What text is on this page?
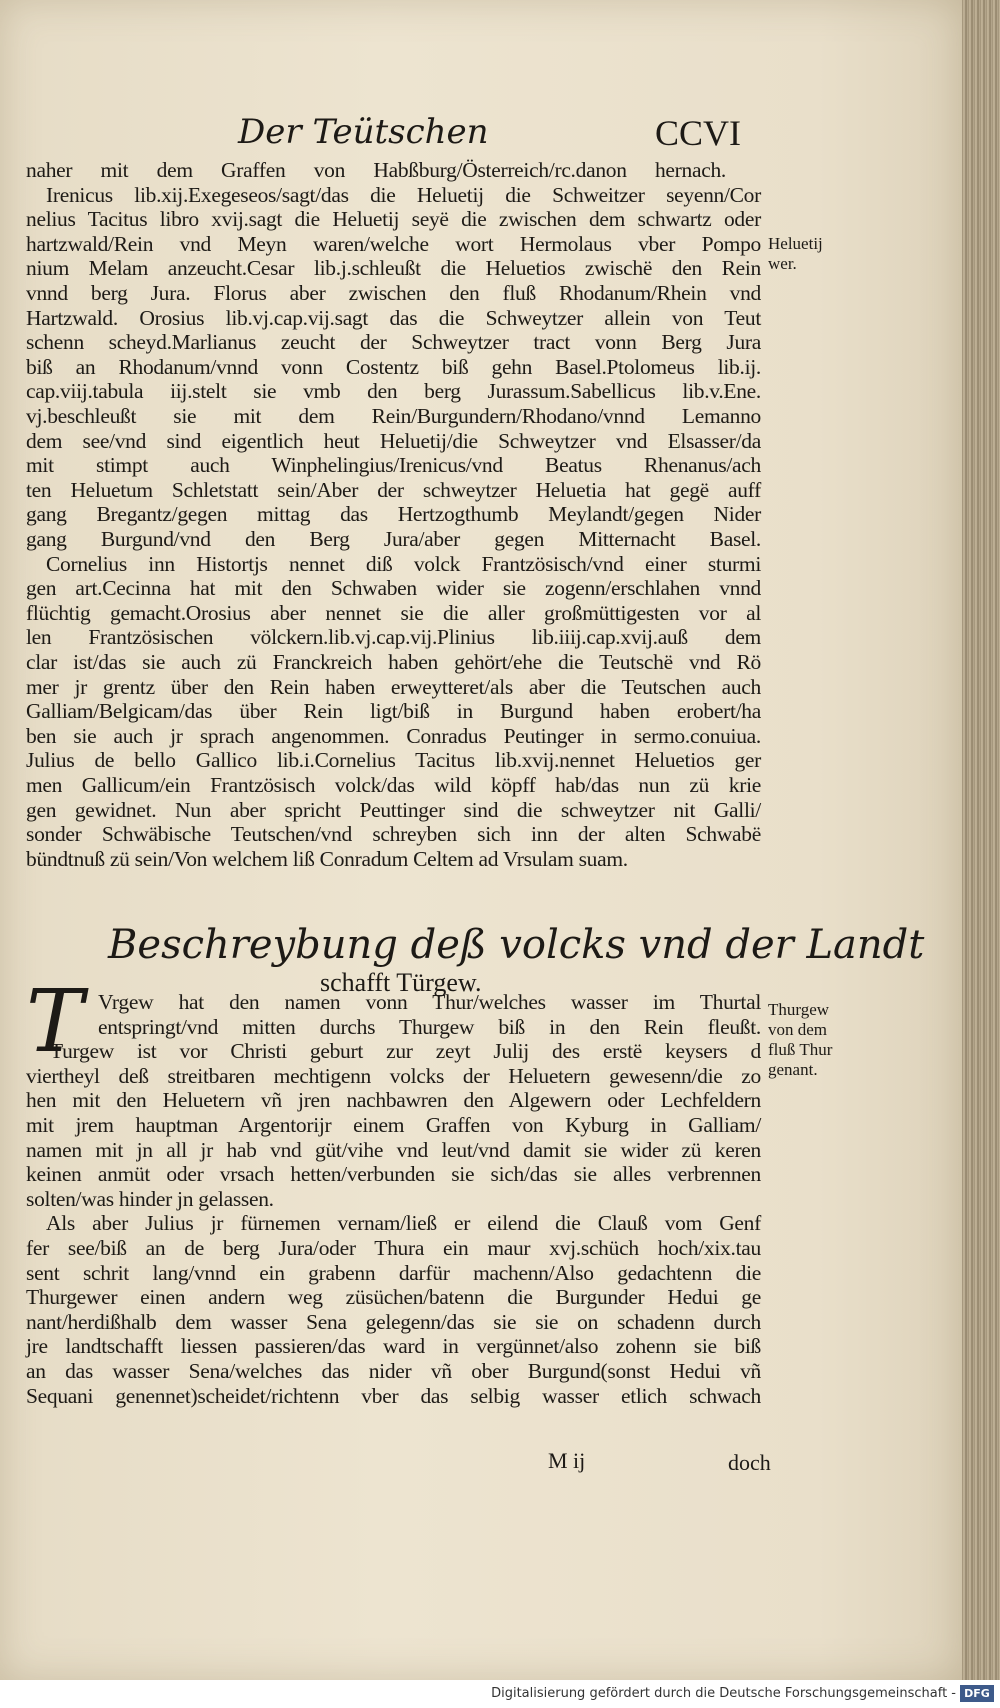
Der Teütschen	CCVI
naher mit dem Graffen von Habßburg/Österreich/rc.danon hernach.
Irenicus lib.xij.Exegeseos/sagt/das die Heluetij die Schweitzer seyenn/Cor
nelius Tacitus libro xvij.sagt die Heluetij seyë die zwischen dem schwartz oder
hartzwald/Rein vnd Meyn waren/welche wort Hermolaus vber Pompo
nium Melam anzeucht.Cesar lib.j.schleußt die Heluetios zwischë den Rein
vnnd berg Jura. Florus aber zwischen den fluß Rhodanum/Rhein vnd
Hartzwald. Orosius lib.vj.cap.vij.sagt das die Schweytzer allein von Teut
schenn scheyd.Marlianus zeucht der Schweytzer tract vonn Berg Jura
biß an Rhodanum/vnnd vonn Costentz biß gehn Basel.Ptolomeus lib.ij.
cap.viij.tabula iij.stelt sie vmb den berg Jurassum.Sabellicus lib.v.Ene.
vj.beschleußt sie mit dem Rein/Burgundern/Rhodano/vnnd Lemanno
dem see/vnd sind eigentlich heut Heluetij/die Schweytzer vnd Elsasser/da
mit stimpt auch Winphelingius/Irenicus/vnd Beatus Rhenanus/ach
ten Heluetum Schletstatt sein/Aber der schweytzer Heluetia hat gegë auff
gang Bregantz/gegen mittag das Hertzogthumb Meylandt/gegen Nider
gang Burgund/vnd den Berg Jura/aber gegen Mitternacht Basel.
Cornelius inn Histortjs nennet diß volck Frantzösisch/vnd einer sturmi
gen art.Cecinna hat mit den Schwaben wider sie zogenn/erschlahen vnnd
flüchtig gemacht.Orosius aber nennet sie die aller großmüttigesten vor al
len Frantzösischen völckern.lib.vj.cap.vij.Plinius lib.iiij.cap.xvij.auß dem
clar ist/das sie auch zü Franckreich haben gehört/ehe die Teutschë vnd Rö
mer jr grentz über den Rein haben erweytteret/als aber die Teutschen auch
Galliam/Belgicam/das über Rein ligt/biß in Burgund haben erobert/ha
ben sie auch jr sprach angenommen. Conradus Peutinger in sermo.conuiua.
Julius de bello Gallico lib.i.Cornelius Tacitus lib.xvij.nennet Heluetios ger
men Gallicum/ein Frantzösisch volck/das wild köpff hab/das nun zü krie
gen gewidnet. Nun aber spricht Peuttinger sind die schweytzer nit Galli/
sonder Schwäbische Teutschen/vnd schreyben sich inn der alten Schwabë
bündtnuß zü sein/Von welchem liß Conradum Celtem ad Vrsulam suam.
Heluetij
wer.
Beschreybung deß volcks vnd der Landt
schafft Türgew.
T Vrgew hat den namen vonn Thur/welches wasser im Thurtal
entspringt/vnd mitten durchs Thurgew biß in den Rein fleußt.
Turgew ist vor Christi geburt zur zeyt Julij des erstë keysers d
viertheyl deß streitbaren mechtigenn volcks der Heluetern gewesenn/die zo
hen mit den Heluetern vñ jren nachbawren den Algewern oder Lechfeldern
mit jrem hauptman Argentorijr einem Graffen von Kyburg in Galliam/
namen mit jn all jr hab vnd güt/vihe vnd leut/vnd damit sie wider zü keren
keinen anmüt oder vrsach hetten/verbunden sie sich/das sie alles verbrennen
solten/was hinder jn gelassen.
Als aber Julius jr fürnemen vernam/ließ er eilend die Clauß vom Genf
fer see/biß an de berg Jura/oder Thura ein maur xvj.schüch hoch/xix.tau
sent schrit lang/vnnd ein grabenn darfür machenn/Also gedachtenn die
Thurgewer einen andern weg züsüchen/batenn die Burgunder Hedui ge
nant/herdißhalb dem wasser Sena gelegenn/das sie sie on schadenn durch
jre landtschafft liessen passieren/das ward in vergünnet/also zohenn sie biß
an das wasser Sena/welches das nider vñ ober Burgund(sonst Hedui vñ
Sequani genennet)scheidet/richtenn vber das selbig wasser etlich schwach
Thurgew
von dem
fluß Thur
genant.
M ij	doch
Digitalisierung gefördert durch die Deutsche Forschungsgemeinschaft - DFG
